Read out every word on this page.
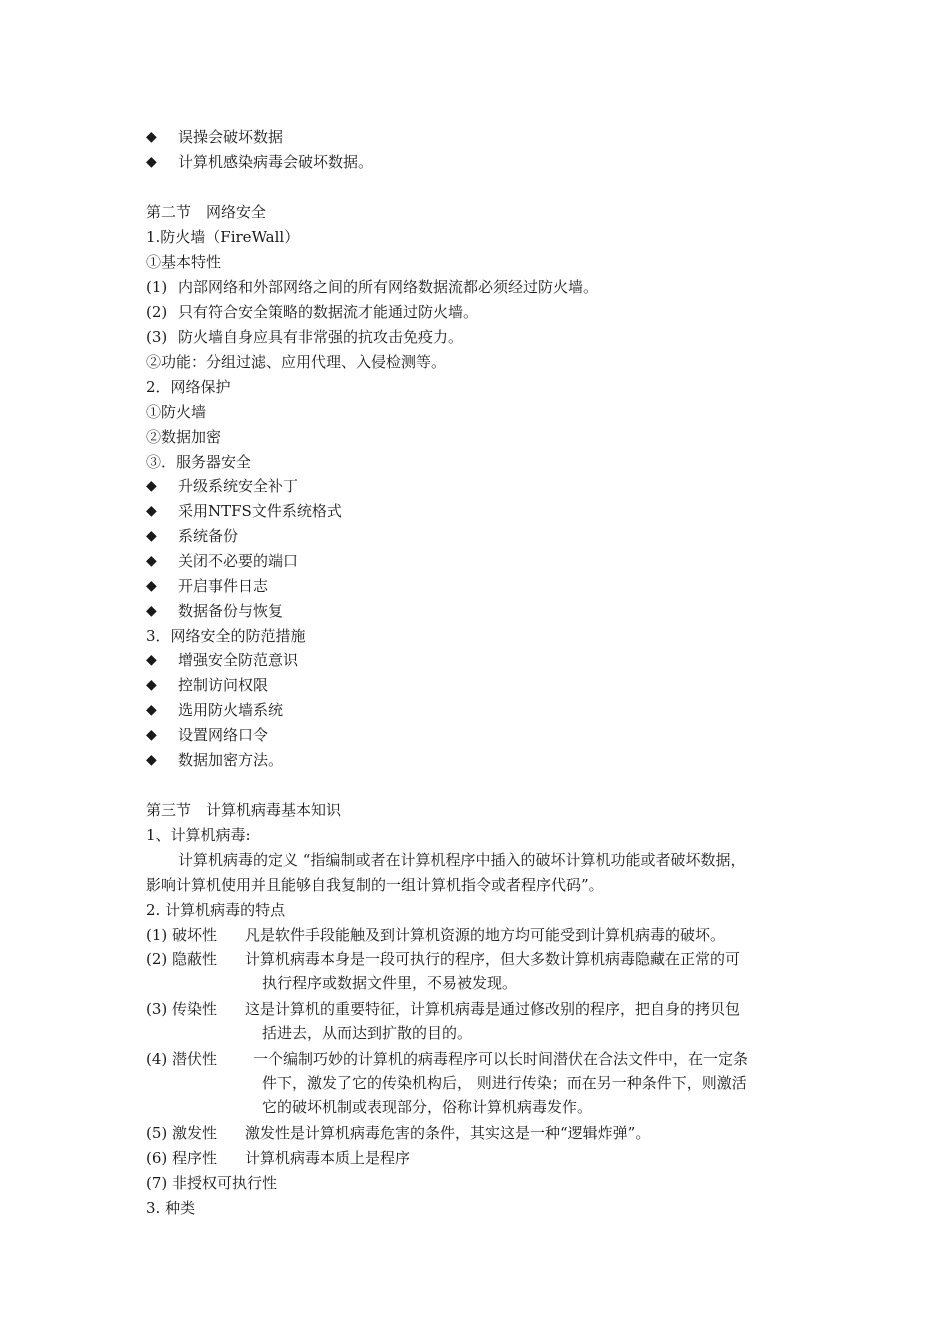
◆	误操会破坏数据
◆	计算机感染病毒会破坏数据。
第二节　网络安全
1.防火墙（FireWall）
①基本特性
(1) 内部网络和外部网络之间的所有网络数据流都必须经过防火墙。
(2) 只有符合安全策略的数据流才能通过防火墙。
(3) 防火墙自身应具有非常强的抗攻击免疫力。
②功能：分组过滤、应用代理、入侵检测等。
2．网络保护
①防火墙
②数据加密
③．服务器安全
◆	升级系统安全补丁
◆	采用NTFS文件系统格式
◆	系统备份
◆	关闭不必要的端口
◆	开启事件日志
◆	数据备份与恢复
3．网络安全的防范措施
◆	增强安全防范意识
◆	控制访问权限
◆	选用防火墙系统
◆	设置网络口令
◆	数据加密方法。
第三节　计算机病毒基本知识
1、计算机病毒:
计算机病毒的定义 “指编制或者在计算机程序中插入的破坏计算机功能或者破坏数据，
影响计算机使用并且能够自我复制的一组计算机指令或者程序代码”。
2. 计算机病毒的特点
(1) 破坏性 凡是软件手段能触及到计算机资源的地方均可能受到计算机病毒的破坏。
(2) 隐蔽性 计算机病毒本身是一段可执行的程序，但大多数计算机病毒隐藏在正常的可
执行程序或数据文件里，不易被发现。
(3) 传染性 这是计算机的重要特征，计算机病毒是通过修改别的程序，把自身的拷贝包
括进去，从而达到扩散的目的。
(4) 潜伏性 一个编制巧妙的计算机的病毒程序可以长时间潜伏在合法文件中，在一定条
件下，激发了它的传染机构后， 则进行传染；而在另一种条件下，则激活
它的破坏机制或表现部分，俗称计算机病毒发作。
(5) 激发性 激发性是计算机病毒危害的条件，其实这是一种“逻辑炸弹”。
(6) 程序性 计算机病毒本质上是程序
(7) 非授权可执行性
3. 种类
